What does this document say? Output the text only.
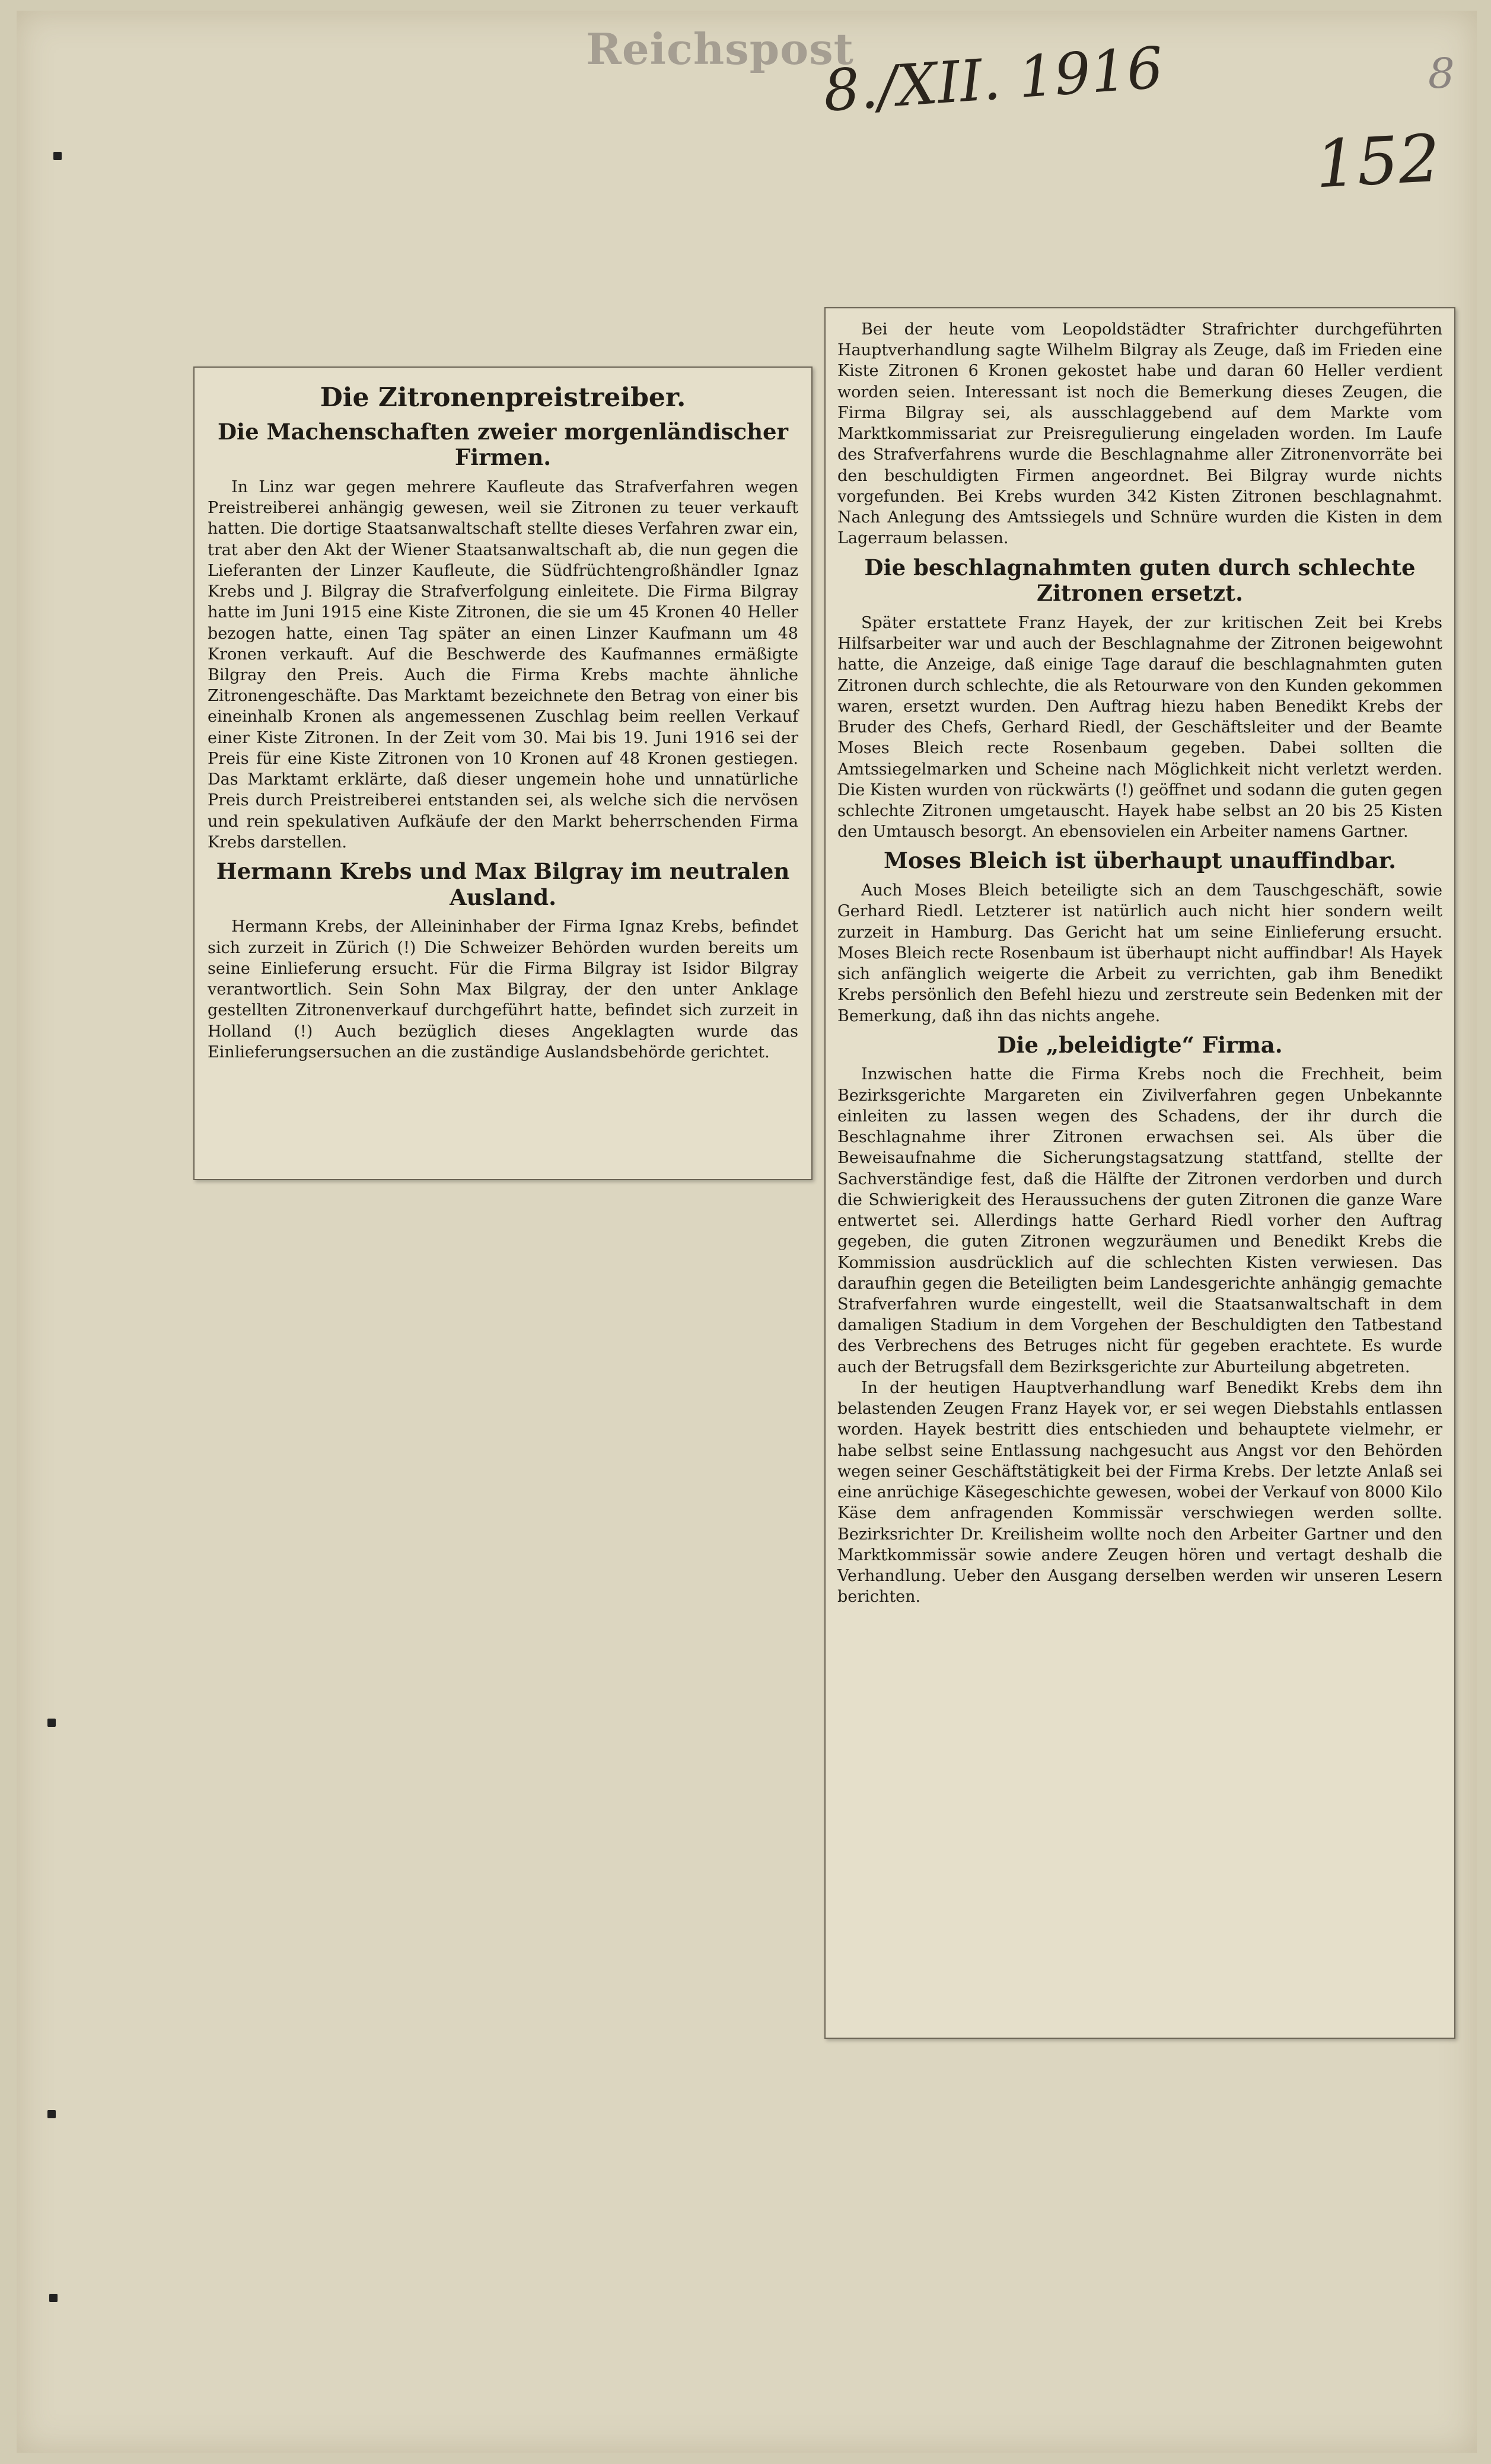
Reichspost
8./XII. 1916
152
8
Die Zitronenpreistreiber.
Die Machenschaften zweier morgenländischer Firmen.

In Linz war gegen mehrere Kaufleute das Strafverfahren wegen Preistreiberei anhängig gewesen, weil sie Zitronen zu teuer verkauft hatten. Die dortige Staatsanwaltschaft stellte dieses Verfahren zwar ein, trat aber den Akt der Wiener Staatsanwaltschaft ab, die nun gegen die Lieferanten der Linzer Kaufleute, die Südfrüchtengroßhändler Ignaz Krebs und J. Bilgray die Strafverfolgung einleitete. Die Firma Bilgray hatte im Juni 1915 eine Kiste Zitronen, die sie um 45 Kronen 40 Heller bezogen hatte, einen Tag später an einen Linzer Kaufmann um 48 Kronen verkauft. Auf die Beschwerde des Kaufmannes ermäßigte Bilgray den Preis. Auch die Firma Krebs machte ähnliche Zitronengeschäfte. Das Marktamt bezeichnete den Betrag von einer bis eineinhalb Kronen als angemessenen Zuschlag beim reellen Verkauf einer Kiste Zitronen. In der Zeit vom 30. Mai bis 19. Juni 1916 sei der Preis für eine Kiste Zitronen von 10 Kronen auf 48 Kronen gestiegen. Das Marktamt erklärte, daß dieser ungemein hohe und unnatürliche Preis durch Preistreiberei entstanden sei, als welche sich die nervösen und rein spekulativen Aufkäufe der den Markt beherrschenden Firma Krebs darstellen.

Hermann Krebs und Max Bilgray im neutralen Ausland.

Hermann Krebs, der Alleininhaber der Firma Ignaz Krebs, befindet sich zurzeit in Zürich (!) Die Schweizer Behörden wurden bereits um seine Einlieferung ersucht. Für die Firma Bilgray ist Isidor Bilgray verantwortlich. Sein Sohn Max Bilgray, der den unter Anklage gestellten Zitronenverkauf durchgeführt hatte, befindet sich zurzeit in Holland (!) Auch bezüglich dieses Angeklagten wurde das Einlieferungsersuchen an die zuständige Auslandsbehörde gerichtet.

Bei der heute vom Leopoldstädter Strafrichter durchgeführten Hauptverhandlung sagte Wilhelm Bilgray als Zeuge, daß im Frieden eine Kiste Zitronen 6 Kronen gekostet habe und daran 60 Heller verdient worden seien. Interessant ist noch die Bemerkung dieses Zeugen, die Firma Bilgray sei, als ausschlaggebend auf dem Markte vom Marktkommissariat zur Preisregulierung eingeladen worden. Im Laufe des Strafverfahrens wurde die Beschlagnahme aller Zitronenvorräte bei den beschuldigten Firmen angeordnet. Bei Bilgray wurde nichts vorgefunden. Bei Krebs wurden 342 Kisten Zitronen beschlagnahmt. Nach Anlegung des Amtssiegels und Schnüre wurden die Kisten in dem Lagerraum belassen.

Die beschlagnahmten guten durch schlechte Zitronen ersetzt.

Später erstattete Franz Hayek, der zur kritischen Zeit bei Krebs Hilfsarbeiter war und auch der Beschlagnahme der Zitronen beigewohnt hatte, die Anzeige, daß einige Tage darauf die beschlagnahmten guten Zitronen durch schlechte, die als Retourware von den Kunden gekommen waren, ersetzt wurden. Den Auftrag hiezu haben Benedikt Krebs der Bruder des Chefs, Gerhard Riedl, der Geschäftsleiter und der Beamte Moses Bleich recte Rosenbaum gegeben. Dabei sollten die Amtssiegelmarken und Scheine nach Möglichkeit nicht verletzt werden. Die Kisten wurden von rückwärts (!) geöffnet und sodann die guten gegen schlechte Zitronen umgetauscht. Hayek habe selbst an 20 bis 25 Kisten den Umtausch besorgt. An ebensovielen ein Arbeiter namens Gartner.

Moses Bleich ist überhaupt unauffindbar.

Auch Moses Bleich beteiligte sich an dem Tauschgeschäft, sowie Gerhard Riedl. Letzterer ist natürlich auch nicht hier sondern weilt zurzeit in Hamburg. Das Gericht hat um seine Einlieferung ersucht. Moses Bleich recte Rosenbaum ist überhaupt nicht auffindbar! Als Hayek sich anfänglich weigerte die Arbeit zu verrichten, gab ihm Benedikt Krebs persönlich den Befehl hiezu und zerstreute sein Bedenken mit der Bemerkung, daß ihn das nichts angehe.

Die „beleidigte“ Firma.

Inzwischen hatte die Firma Krebs noch die Frechheit, beim Bezirksgerichte Margareten ein Zivilverfahren gegen Unbekannte einleiten zu lassen wegen des Schadens, der ihr durch die Beschlagnahme ihrer Zitronen erwachsen sei. Als über die Beweisaufnahme die Sicherungstagsatzung stattfand, stellte der Sachverständige fest, daß die Hälfte der Zitronen verdorben und durch die Schwierigkeit des Heraussuchens der guten Zitronen die ganze Ware entwertet sei. Allerdings hatte Gerhard Riedl vorher den Auftrag gegeben, die guten Zitronen wegzuräumen und Benedikt Krebs die Kommission ausdrücklich auf die schlechten Kisten verwiesen. Das daraufhin gegen die Beteiligten beim Landesgerichte anhängig gemachte Strafverfahren wurde eingestellt, weil die Staatsanwaltschaft in dem damaligen Stadium in dem Vorgehen der Beschuldigten den Tatbestand des Verbrechens des Betruges nicht für gegeben erachtete. Es wurde auch der Betrugsfall dem Bezirksgerichte zur Aburteilung abgetreten.

In der heutigen Hauptverhandlung warf Benedikt Krebs dem ihn belastenden Zeugen Franz Hayek vor, er sei wegen Diebstahls entlassen worden. Hayek bestritt dies entschieden und behauptete vielmehr, er habe selbst seine Entlassung nachgesucht aus Angst vor den Behörden wegen seiner Geschäftstätigkeit bei der Firma Krebs. Der letzte Anlaß sei eine anrüchige Käsegeschichte gewesen, wobei der Verkauf von 8000 Kilo Käse dem anfragenden Kommissär verschwiegen werden sollte. Bezirksrichter Dr. Kreilisheim wollte noch den Arbeiter Gartner und den Marktkommissär sowie andere Zeugen hören und vertagt deshalb die Verhandlung. Ueber den Ausgang derselben werden wir unseren Lesern berichten.
